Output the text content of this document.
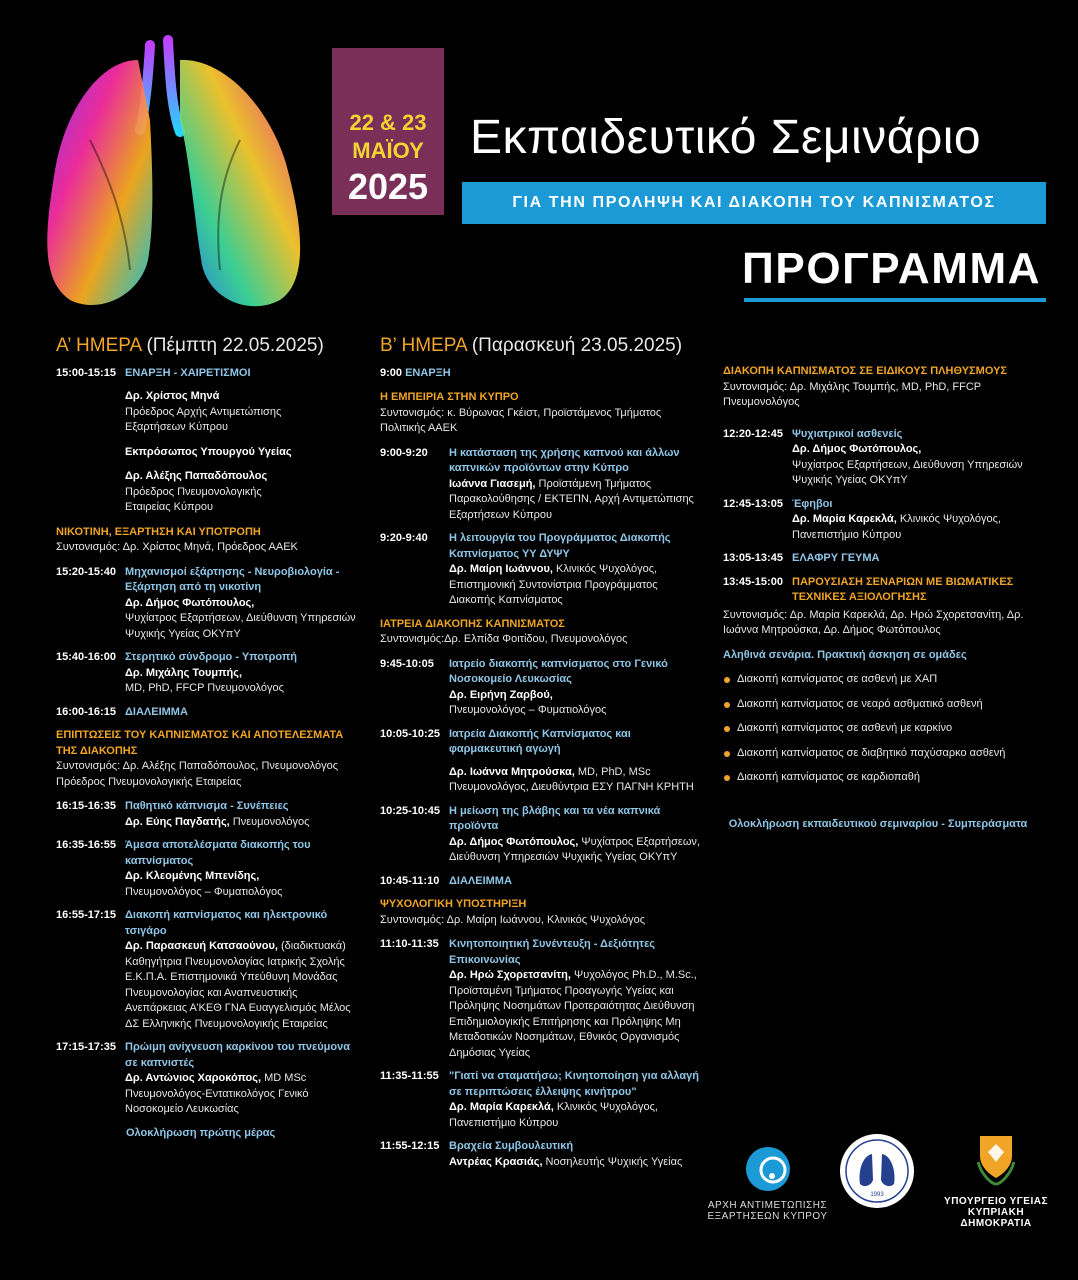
22 & 23
ΜΑΪΟΥ
2025
Εκπαιδευτικό Σεμινάριο
ΓΙΑ ΤΗΝ ΠΡΟΛΗΨΗ ΚΑΙ ΔΙΑΚΟΠΗ ΤΟΥ ΚΑΠΝΙΣΜΑΤΟΣ
ΠΡΟΓΡΑΜΜΑ
Α’ ΗΜΕΡΑ (Πέμπτη 22.05.2025)
15:00-15:15 ΕΝΑΡΞΗ - ΧΑΙΡΕΤΙΣΜΟΙ
Δρ. Χρίστος Μηνά
Πρόεδρος Αρχής Αντιμετώπισης
Εξαρτήσεων Κύπρου
Εκπρόσωπος Υπουργού Υγείας
Δρ. Αλέξης Παπαδόπουλος
Πρόεδρος Πνευμονολογικής
Εταιρείας Κύπρου
ΝΙΚΟΤΙΝΗ, ΕΞΑΡΤΗΣΗ ΚΑΙ ΥΠΟΤΡΟΠΗ
Συντονισμός: Δρ. Χρίστος Μηνά, Πρόεδρος ΑΑΕΚ
15:20-15:40 Μηχανισμοί εξάρτησης - Νευροβιολογία - Εξάρτηση από τη νικοτίνη
Δρ. Δήμος Φωτόπουλος,
Ψυχίατρος Εξαρτήσεων, Διεύθυνση Υπηρεσιών Ψυχικής Υγείας ΟΚΥπΥ
15:40-16:00 Στερητικό σύνδρομο - Υποτροπή
Δρ. Μιχάλης Τουμπής,
MD, PhD, FFCP Πνευμονολόγος
16:00-16:15 ΔΙΑΛΕΙΜΜΑ
ΕΠΙΠΤΩΣΕΙΣ ΤΟΥ ΚΑΠΝΙΣΜΑΤΟΣ ΚΑΙ ΑΠΟΤΕΛΕΣΜΑΤΑ ΤΗΣ ΔΙΑΚΟΠΗΣ
Συντονισμός: Δρ. Αλέξης Παπαδόπουλος, Πνευμονολόγος Πρόεδρος Πνευμονολογικής Εταιρείας
16:15-16:35 Παθητικό κάπνισμα - Συνέπειες
Δρ. Εύης Παγδατής, Πνευμονολόγος
16:35-16:55 Άμεσα αποτελέσματα διακοπής του καπνίσματος
Δρ. Κλεομένης Μπενίδης,
Πνευμονολόγος – Φυματιολόγος
16:55-17:15 Διακοπή καπνίσματος και ηλεκτρονικό τσιγάρο
Δρ. Παρασκευή Κατσαούνου, (διαδικτυακά)
Καθηγήτρια Πνευμονολογίας Ιατρικής Σχολής Ε.Κ.Π.Α. Επιστημονικά Υπεύθυνη Μονάδας Πνευμονολογίας και Αναπνευστικής Ανεπάρκειας Α’ΚΕΘ ΓΝΑ Ευαγγελισμός Μέλος ΔΣ Ελληνικής Πνευμονολογικής Εταιρείας
17:15-17:35 Πρώιμη ανίχνευση καρκίνου του πνεύμονα σε καπνιστές
Δρ. Αντώνιος Χαροκόπος, MD MSc
Πνευμονολόγος-Εντατικολόγος Γενικό Νοσοκομείο Λευκωσίας
Ολοκλήρωση πρώτης μέρας
Β’ ΗΜΕΡΑ (Παρασκευή 23.05.2025)
9:00 ΕΝΑΡΞΗ
Η ΕΜΠΕΙΡΙΑ ΣΤΗΝ ΚΥΠΡΟ
Συντονισμός: κ. Βύρωνας Γκέιστ, Προϊστάμενος Τμήματος Πολιτικής ΑΑΕΚ
9:00-9:20	Η κατάσταση της χρήσης καπνού και άλλων καπνικών προϊόντων στην Κύπρο
Ιωάννα Γιασεμή, Προϊστάμενη Τμήματος Παρακολούθησης / ΕΚΤΕΠΝ, Αρχή Αντιμετώπισης Εξαρτήσεων Κύπρου
9:20-9:40	Η λειτουργία του Προγράμματος Διακοπής Καπνίσματος ΥΥ ΔΥΨΥ
Δρ. Μαίρη Ιωάννου, Κλινικός Ψυχολόγος, Επιστημονική Συντονίστρια Προγράμματος Διακοπής Καπνίσματος
ΙΑΤΡΕΙΑ ΔΙΑΚΟΠΗΣ ΚΑΠΝΙΣΜΑΤΟΣ
Συντονισμός:Δρ. Ελπίδα Φοιτίδου, Πνευμονολόγος
9:45-10:05	Ιατρείο διακοπής καπνίσματος στο Γενικό Νοσοκομείο Λευκωσίας
Δρ. Ειρήνη Ζαρβού,
Πνευμονολόγος – Φυματιολόγος
10:05-10:25 Ιατρεία Διακοπής Καπνίσματος και φαρμακευτική αγωγή
Δρ. Ιωάννα Μητρούσκα, MD, PhD, MSc Πνευμονολόγος, Διευθύντρια ΕΣΥ ΠΑΓΝΗ ΚΡΗΤΗ
10:25-10:45 Η μείωση της βλάβης και τα νέα καπνικά προϊόντα
Δρ. Δήμος Φωτόπουλος, Ψυχίατρος Εξαρτήσεων, Διεύθυνση Υπηρεσιών Ψυχικής Υγείας ΟΚΥπΥ
10:45-11:10 ΔΙΑΛΕΙΜΜΑ
ΨΥΧΟΛΟΓΙΚΗ ΥΠΟΣΤΗΡΙΞΗ
Συντονισμός: Δρ. Μαίρη Ιωάννου, Κλινικός Ψυχολόγος
11:10-11:35 Κινητοποιητική Συνέντευξη - Δεξιότητες Επικοινωνίας
Δρ. Ηρώ Σχορετσανίτη, Ψυχολόγος Ph.D., M.Sc., Προϊσταμένη Τμήματος Προαγωγής Υγείας και Πρόληψης Νοσημάτων Προτεραιότητας Διεύθυνση Επιδημιολογικής Επιτήρησης και Πρόληψης Μη Μεταδοτικών Νοσημάτων, Εθνικός Οργανισμός Δημόσιας Υγείας
11:35-11:55 "Γιατί να σταματήσω; Κινητοποίηση για αλλαγή σε περιπτώσεις έλλειψης κινήτρου"
Δρ. Μαρία Καρεκλά, Κλινικός Ψυχολόγος, Πανεπιστήμιο Κύπρου
11:55-12:15 Βραχεία Συμβουλευτική
Αντρέας Κρασιάς, Νοσηλευτής Ψυχικής Υγείας
ΔΙΑΚΟΠΗ ΚΑΠΝΙΣΜΑΤΟΣ ΣΕ ΕΙΔΙΚΟΥΣ ΠΛΗΘΥΣΜΟΥΣ
Συντονισμός: Δρ. Μιχάλης Τουμπής, MD, PhD, FFCP Πνευμονολόγος
12:20-12:45 Ψυχιατρικοί ασθενείς
Δρ. Δήμος Φωτόπουλος,
Ψυχίατρος Εξαρτήσεων, Διεύθυνση Υπηρεσιών Ψυχικής Υγείας ΟΚΥπΥ
12:45-13:05 Έφηβοι
Δρ. Μαρία Καρεκλά, Κλινικός Ψυχολόγος, Πανεπιστήμιο Κύπρου
13:05-13:45 ΕΛΑΦΡΥ ΓΕΥΜΑ
13:45-15:00 ΠΑΡΟΥΣΙΑΣΗ ΣΕΝΑΡΙΩΝ ΜΕ ΒΙΩΜΑΤΙΚΕΣ ΤΕΧΝΙΚΕΣ ΑΞΙΟΛΟΓΗΣΗΣ
Συντονισμός: Δρ. Μαρία Καρεκλά, Δρ. Ηρώ Σχορετσανίτη, Δρ. Ιωάννα Μητρούσκα, Δρ. Δήμος Φωτόπουλος
Αληθινά σενάρια. Πρακτική άσκηση σε ομάδες
Διακοπή καπνίσματος σε ασθενή με ΧΑΠ
Διακοπή καπνίσματος σε νεαρό ασθματικό ασθενή
Διακοπή καπνίσματος σε ασθενή με καρκίνο
Διακοπή καπνίσματος σε διαβητικό παχύσαρκο ασθενή
Διακοπή καπνίσματος σε καρδιοπαθή
Ολοκλήρωση εκπαιδευτικού σεμιναρίου - Συμπεράσματα
ΑΡΧΗ ΑΝΤΙΜΕΤΩΠΙΣΗΣ
ΕΞΑΡΤΗΣΕΩΝ ΚΥΠΡΟΥ
1993
ΥΠΟΥΡΓΕΙΟ ΥΓΕΙΑΣ
ΚΥΠΡΙΑΚΗ ΔΗΜΟΚΡΑΤΙΑ
